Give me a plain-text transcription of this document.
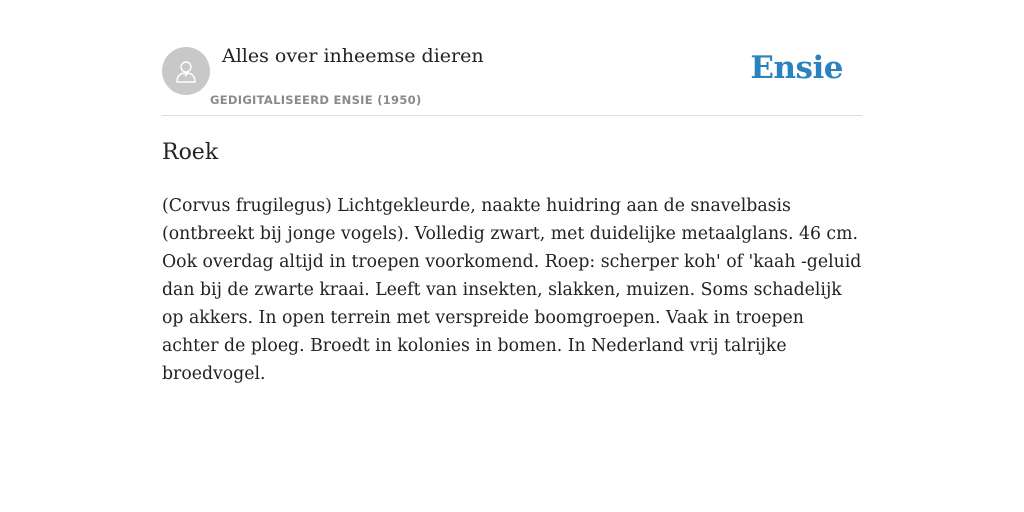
Alles over inheemse dieren
GEDIGITALISEERD ENSIE (1950)
Ensie
Roek

(Corvus frugilegus) Lichtgekleurde, naakte huidring aan de snavelbasis (ontbreekt bij jonge vogels). Volledig zwart, met duidelijke metaalglans. 46 cm. Ook overdag altijd in troepen voorkomend. Roep: scherper koh' of 'kaah -geluid dan bij de zwarte kraai. Leeft van insekten, slakken, muizen. Soms schadelijk op akkers. In open terrein met verspreide boomgroepen. Vaak in troepen achter de ploeg. Broedt in kolonies in bomen. In Nederland vrij talrijke broedvogel.
